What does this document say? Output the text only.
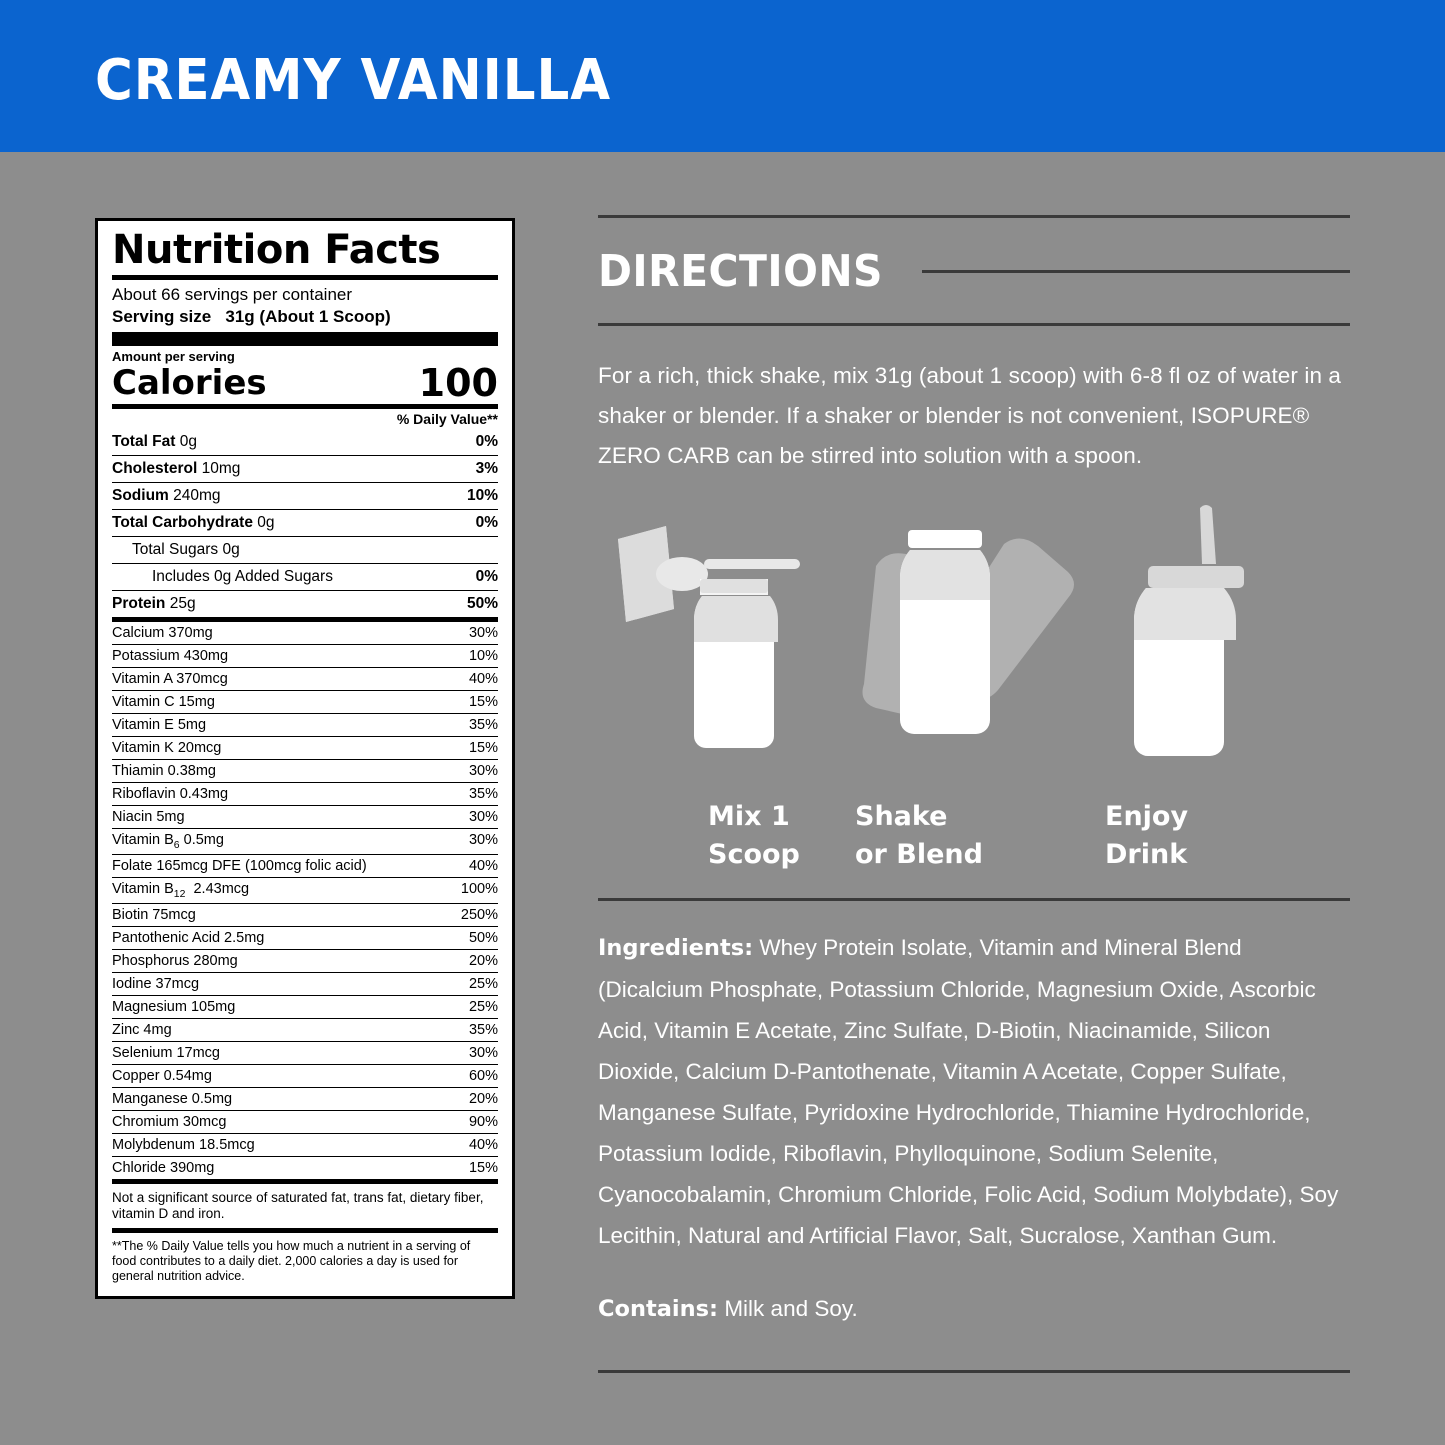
CREAMY VANILLA
Nutrition Facts
About 66 servings per container
Serving size 31g (About 1 Scoop)
Amount per serving
Calories	100
% Daily Value**
Total Fat 0g	0%
Cholesterol 10mg	3%
Sodium 240mg	10%
Total Carbohydrate 0g	0%
Total Sugars 0g
Includes 0g Added Sugars	0%
Protein 25g	50%
Calcium 370mg	30%
Potassium 430mg	10%
Vitamin A 370mcg	40%
Vitamin C 15mg	15%
Vitamin E 5mg	35%
Vitamin K 20mcg	15%
Thiamin 0.38mg	30%
Riboflavin 0.43mg	35%
Niacin 5mg	30%
Vitamin $B_6$ 0.5mg	30%
Folate 165mcg DFE (100mcg folic acid)	40%
Vitamin $B_{12}$  2.43mcg	100%
Biotin 75mcg	250%
Pantothenic Acid 2.5mg	50%
Phosphorus 280mg	20%
Iodine 37mcg	25%
Magnesium 105mg	25%
Zinc 4mg	35%
Selenium 17mcg	30%
Copper 0.54mg	60%
Manganese 0.5mg	20%
Chromium 30mcg	90%
Molybdenum 18.5mcg	40%
Chloride 390mg	15%
Not a significant source of saturated fat, trans fat, dietary fiber, vitamin D and iron.
**The % Daily Value tells you how much a nutrient in a serving of food contributes to a daily diet. 2,000 calories a day is used for general nutrition advice.
DIRECTIONS
For a rich, thick shake, mix 31g (about 1 scoop) with 6-8 fl oz of water in a shaker or blender. If a shaker or blender is not convenient, ISOPURE® ZERO CARB can be stirred into solution with a spoon.
Mix 1
Scoop
Shake
or Blend
Enjoy
Drink
Ingredients: Whey Protein Isolate, Vitamin and Mineral Blend (Dicalcium Phosphate, Potassium Chloride, Magnesium Oxide, Ascorbic Acid, Vitamin E Acetate, Zinc Sulfate, D-Biotin, Niacinamide, Silicon Dioxide, Calcium D-Pantothenate, Vitamin A Acetate, Copper Sulfate, Manganese Sulfate, Pyridoxine Hydrochloride, Thiamine Hydrochloride, Potassium Iodide, Riboflavin, Phylloquinone, Sodium Selenite, Cyanocobalamin, Chromium Chloride, Folic Acid, Sodium Molybdate), Soy Lecithin, Natural and Artificial Flavor, Salt, Sucralose, Xanthan Gum.
Contains: Milk and Soy.
